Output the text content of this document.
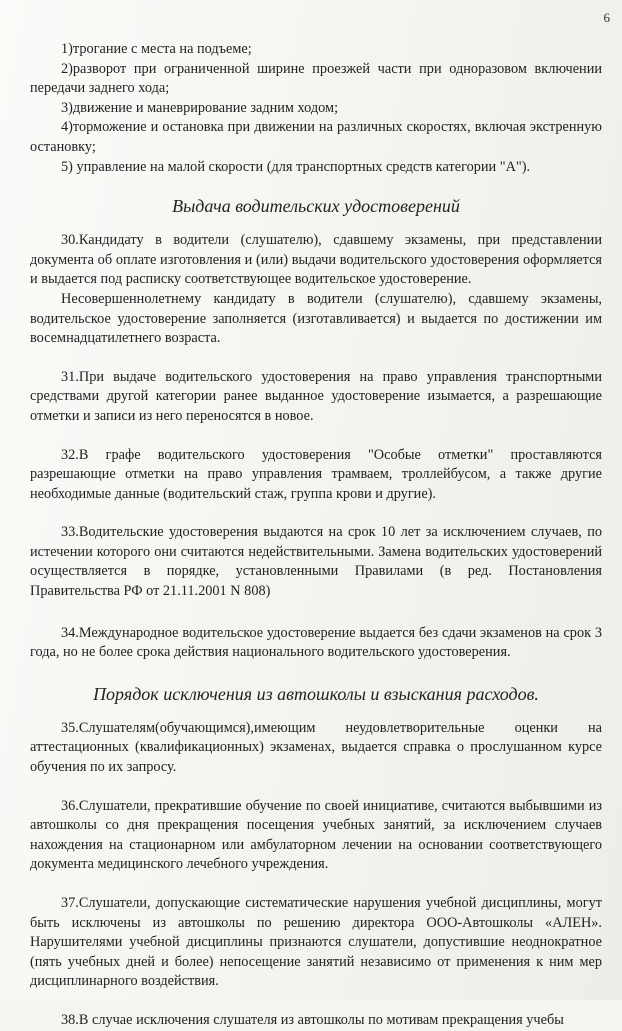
6

1)трогание с места на подъеме;

2)разворот при ограниченной ширине проезжей части при одноразовом включении передачи заднего хода;

3)движение и маневрирование задним ходом;

4)торможение и остановка при движении на различных скоростях, включая экстренную остановку;

5) управление на малой скорости (для транспортных средств категории "А").

Выдача водительских удостоверений

30.Кандидату в водители (слушателю), сдавшему экзамены, при представлении документа об оплате изготовления и (или) выдачи водительского удостоверения оформляется и выдается под расписку соответствующее водительское удостоверение.

Несовершеннолетнему кандидату в водители (слушателю), сдавшему экзамены, водительское удостоверение заполняется (изготавливается) и выдается по достижении им восемнадцатилетнего возраста.

31.При выдаче водительского удостоверения на право управления транспортными средствами другой категории ранее выданное удостоверение изымается, а разрешающие отметки и записи из него переносятся в новое.

32.В графе водительского удостоверения "Особые отметки" проставляются разрешающие отметки на право управления трамваем, троллейбусом, а также другие необходимые данные (водительский стаж, группа крови и другие).

33.Водительские удостоверения выдаются на срок 10 лет за исключением случаев, по истечении которого они считаются недействительными. Замена водительских удостоверений осуществляется в порядке, установленными Правилами (в ред. Постановления Правительства РФ от 21.11.2001 N 808)

34.Международное водительское удостоверение выдается без сдачи экзаменов на срок 3 года, но не более срока действия национального водительского удостоверения.

Порядок исключения из автошколы и взыскания расходов.

35.Слушателям(обучающимся),имеющим неудовлетворительные оценки на аттестационных (квалификационных) экзаменах, выдается справка о прослушанном курсе обучения по их запросу.

36.Слушатели, прекратившие обучение по своей инициативе, считаются выбывшими из автошколы со дня прекращения посещения учебных занятий, за исключением случаев нахождения на стационарном или амбулаторном лечении на основании соответствующего документа медицинского лечебного учреждения.

37.Слушатели, допускающие систематические нарушения учебной дисциплины, могут быть исключены из автошколы по решению директора ООО-Автошколы «АЛЕН». Нарушителями учебной дисциплины признаются слушатели, допустившие неоднократное (пять учебных дней и более) непосещение занятий независимо от применения к ним мер дисциплинарного воздействия.

38.В случае исключения слушателя из автошколы по мотивам прекращения учебы
